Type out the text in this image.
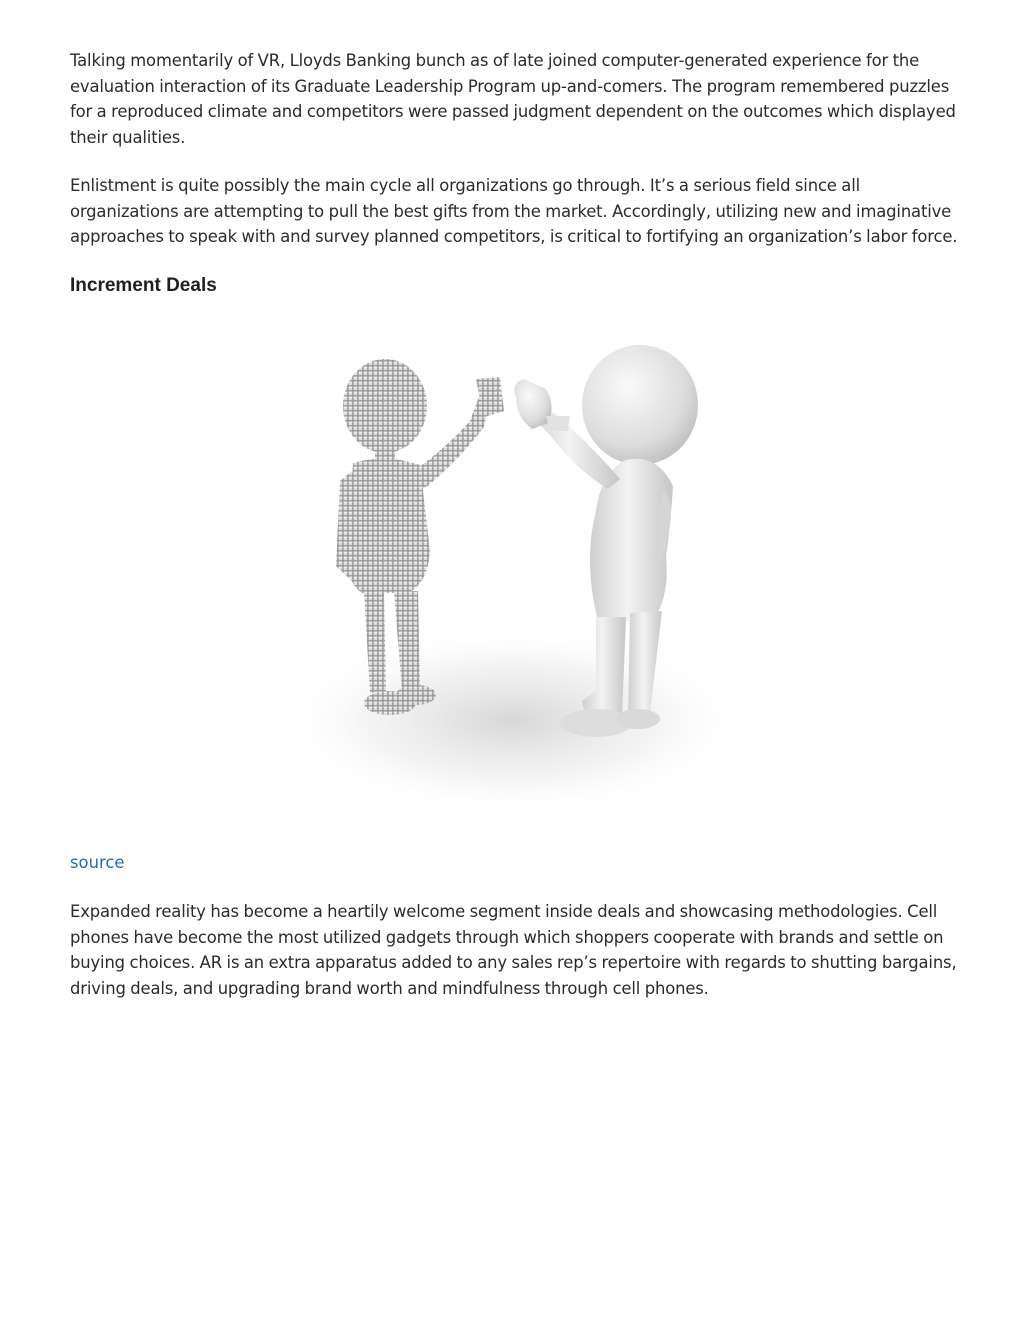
Talking momentarily of VR, Lloyds Banking bunch as of late joined computer-generated experience for the evaluation interaction of its Graduate Leadership Program up-and-comers. The program remembered puzzles for a reproduced climate and competitors were passed judgment dependent on the outcomes which displayed their qualities.

Enlistment is quite possibly the main cycle all organizations go through. It’s a serious field since all organizations are attempting to pull the best gifts from the market. Accordingly, utilizing new and imaginative approaches to speak with and survey planned competitors, is critical to fortifying an organization’s labor force.

Increment Deals
source

Expanded reality has become a heartily welcome segment inside deals and showcasing methodologies. Cell phones have become the most utilized gadgets through which shoppers cooperate with brands and settle on buying choices. AR is an extra apparatus added to any sales rep’s repertoire with regards to shutting bargains, driving deals, and upgrading brand worth and mindfulness through cell phones.
